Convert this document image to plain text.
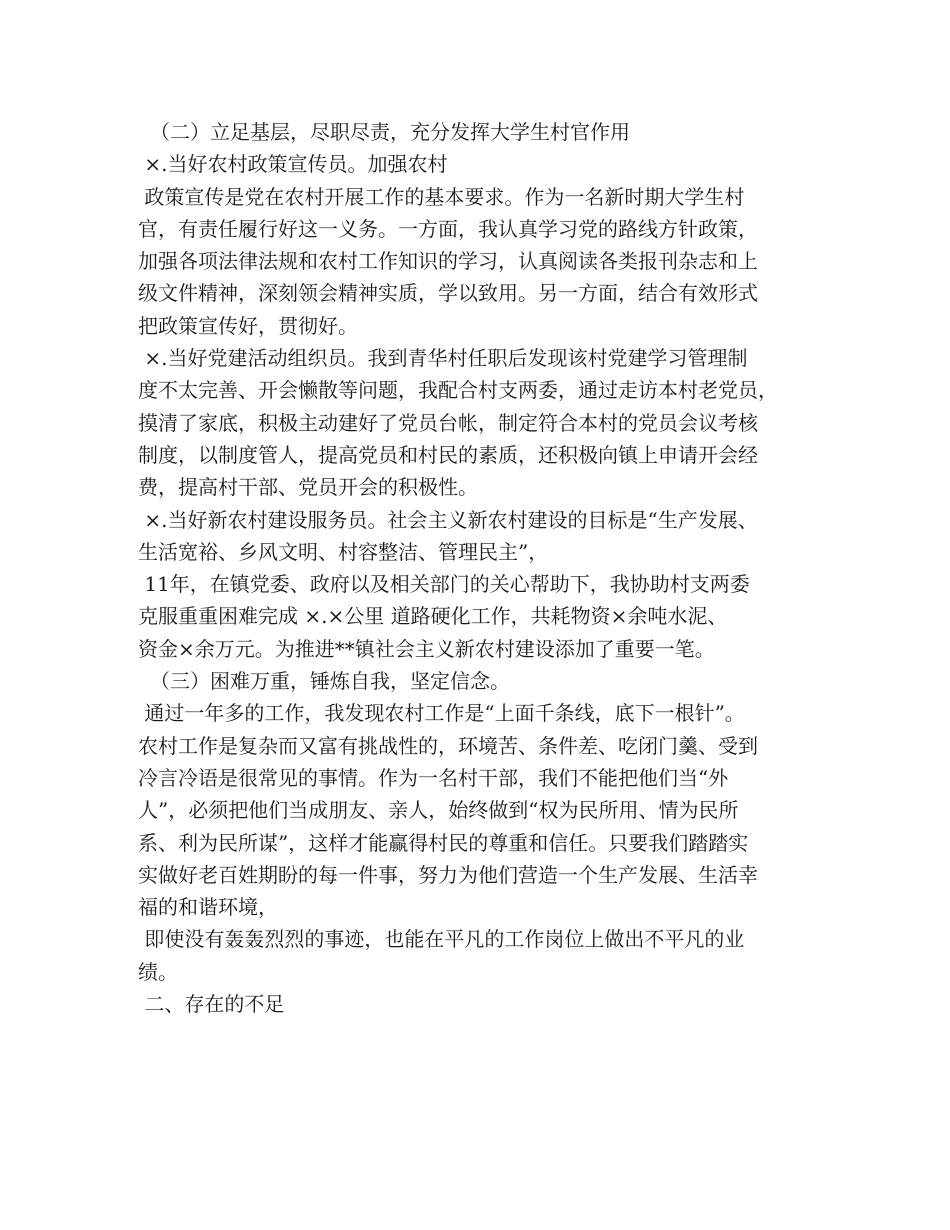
（二）立足基层，尽职尽责，充分发挥大学生村官作用
×.当好农村政策宣传员。加强农村
政策宣传是党在农村开展工作的基本要求。作为一名新时期大学生村
官，有责任履行好这一义务。一方面，我认真学习党的路线方针政策，
加强各项法律法规和农村工作知识的学习，认真阅读各类报刊杂志和上
级文件精神，深刻领会精神实质，学以致用。另一方面，结合有效形式
把政策宣传好，贯彻好。
×.当好党建活动组织员。我到青华村任职后发现该村党建学习管理制
度不太完善、开会懒散等问题，我配合村支两委，通过走访本村老党员，
摸清了家底，积极主动建好了党员台帐，制定符合本村的党员会议考核
制度，以制度管人，提高党员和村民的素质，还积极向镇上申请开会经
费，提高村干部、党员开会的积极性。
×.当好新农村建设服务员。社会主义新农村建设的目标是“生产发展、
生活宽裕、乡风文明、村容整洁、管理民主”，
11年，在镇党委、政府以及相关部门的关心帮助下，我协助村支两委
克服重重困难完成 ×.×公里 道路硬化工作，共耗物资×余吨水泥、
资金×余万元。为推进**镇社会主义新农村建设添加了重要一笔。
（三）困难万重，锤炼自我，坚定信念。
通过一年多的工作，我发现农村工作是“上面千条线，底下一根针”。
农村工作是复杂而又富有挑战性的，环境苦、条件差、吃闭门羹、受到
冷言冷语是很常见的事情。作为一名村干部，我们不能把他们当“外
人”，必须把他们当成朋友、亲人，始终做到“权为民所用、情为民所
系、利为民所谋”，这样才能赢得村民的尊重和信任。只要我们踏踏实
实做好老百姓期盼的每一件事，努力为他们营造一个生产发展、生活幸
福的和谐环境，
即使没有轰轰烈烈的事迹，也能在平凡的工作岗位上做出不平凡的业
绩。
二、存在的不足
